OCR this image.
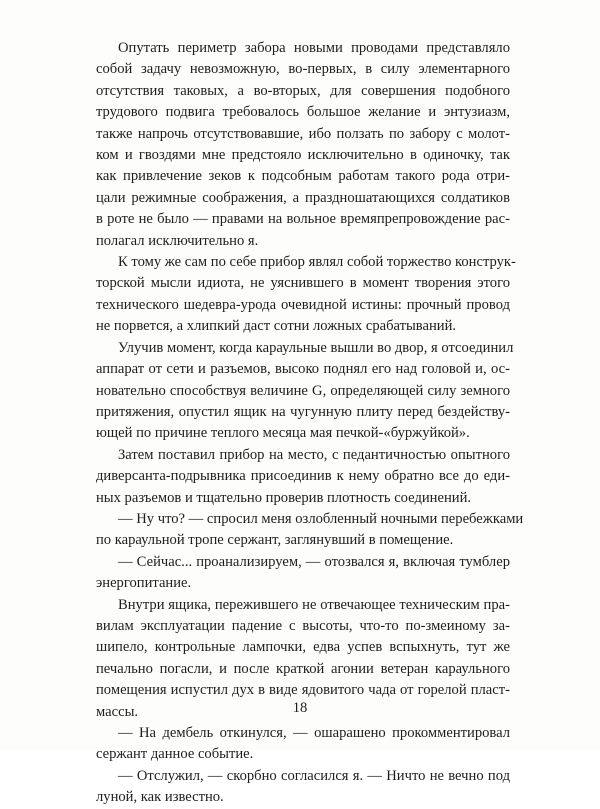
Опутать периметр забора новыми проводами представляло
собой задачу невозможную, во-первых, в силу элементарного
отсутствия таковых, а во-вторых, для совершения подобного
трудового подвига требовалось большое желание и энтузиазм,
также напрочь отсутствовавшие, ибо ползать по забору с молот-
ком и гвоздями мне предстояло исключительно в одиночку, так
как привлечение зеков к подсобным работам такого рода отри-
цали режимные соображения, а праздношатающихся солдатиков
в роте не было — правами на вольное времяпрепровождение рас-
полагал исключительно я.

К тому же сам по себе прибор являл собой торжество конструк-
торской мысли идиота, не уяснившего в момент творения этого
технического шедевра-урода очевидной истины: прочный провод
не порвется, а хлипкий даст сотни ложных срабатываний.

Улучив момент, когда караульные вышли во двор, я отсоединил
аппарат от сети и разъемов, высоко поднял его над головой и, ос-
новательно способствуя величине G, определяющей силу земного
притяжения, опустил ящик на чугунную плиту перед бездейству-
ющей по причине теплого месяца мая печкой-«буржуйкой».

Затем поставил прибор на место, с педантичностью опытного
диверсанта-подрывника присоединив к нему обратно все до еди-
ных разъемов и тщательно проверив плотность соединений.

— Ну что? — спросил меня озлобленный ночными перебежками
по караульной тропе сержант, заглянувший в помещение.

— Сейчас... проанализируем, — отозвался я, включая тумблер
энергопитание.

Внутри ящика, пережившего не отвечающее техническим пра-
вилам эксплуатации падение с высоты, что-то по-змеиному за-
шипело, контрольные лампочки, едва успев вспыхнуть, тут же
печально погасли, и после краткой агонии ветеран караульного
помещения испустил дух в виде ядовитого чада от горелой пласт-
массы.

— На дембель откинулся, — ошарашено прокомментировал
сержант данное событие.

— Отслужил, — скорбно согласился я. — Ничто не вечно под
луной, как известно.

18
